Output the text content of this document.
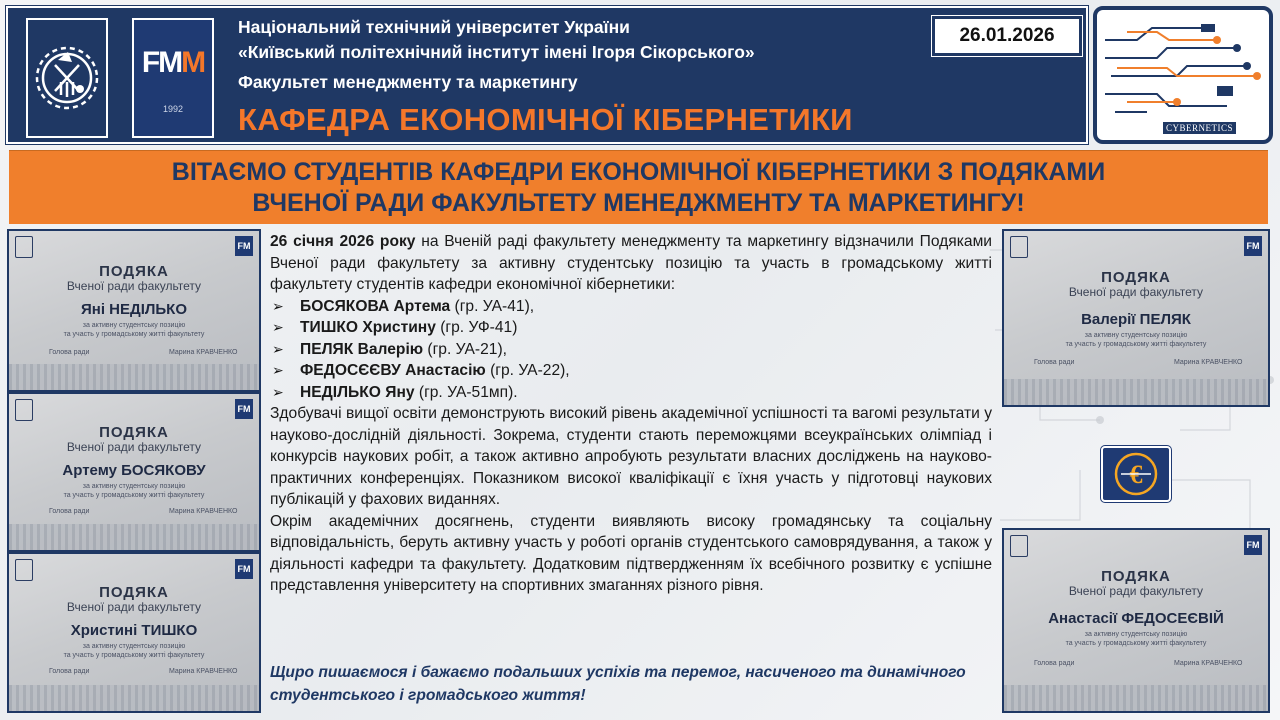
FMM
1992
Національний технічний університет України
«Київський політехнічний інститут імені Ігоря Сікорського»
Факультет менеджменту та маркетингу
КАФЕДРА ЕКОНОМІЧНОЇ КІБЕРНЕТИКИ
26.01.2026
CYBERNETICS
ВІТАЄМО СТУДЕНТІВ КАФЕДРИ ЕКОНОМІЧНОЇ КІБЕРНЕТИКИ З ПОДЯКАМИ
ВЧЕНОЇ РАДИ ФАКУЛЬТЕТУ МЕНЕДЖМЕНТУ ТА МАРКЕТИНГУ!
FM
ПОДЯКА
Вченої ради факультету
Яні НЕДІЛЬКО
за активну студентську позицію
та участь у громадському житті факультету
Голова ради	Марина КРАВЧЕНКО
FM
ПОДЯКА
Вченої ради факультету
Артему БОСЯКОВУ
за активну студентську позицію
та участь у громадському житті факультету
Голова ради	Марина КРАВЧЕНКО
FM
ПОДЯКА
Вченої ради факультету
Христині ТИШКО
за активну студентську позицію
та участь у громадському житті факультету
Голова ради	Марина КРАВЧЕНКО
FM
ПОДЯКА
Вченої ради факультету
Валерії ПЕЛЯК
за активну студентську позицію
та участь у громадському житті факультету
Голова ради	Марина КРАВЧЕНКО
FM
ПОДЯКА
Вченої ради факультету
Анастасії ФЕДОСЕЄВІЙ
за активну студентську позицію
та участь у громадському житті факультету
Голова ради	Марина КРАВЧЕНКО
€

26 січня 2026 року на Вченій раді факультету менеджменту та маркетингу відзначили Подяками Вченої ради факультету за активну студентську позицію та участь в громадському житті факультету студентів кафедри економічної кібернетики:

➢ БОСЯКОВА Артема (гр. УА-41),
➢ ТИШКО Христину (гр. УФ-41)
➢ ПЕЛЯК Валерію (гр. УА-21),
➢ ФЕДОСЄЄВУ Анастасію (гр. УА-22),
➢ НЕДІЛЬКО Яну (гр. УА-51мп).

Здобувачі вищої освіти демонструють високий рівень академічної успішності та вагомі результати у науково-дослідній діяльності. Зокрема, студенти стають переможцями всеукраїнських олімпіад і конкурсів наукових робіт, а також активно апробують результати власних досліджень на науково-практичних конференціях. Показником високої кваліфікації є їхня участь у підготовці наукових публікацій у фахових виданнях.

Окрім академічних досягнень, студенти виявляють високу громадянську та соціальну відповідальність, беруть активну участь у роботі органів студентського самоврядування, а також у діяльності кафедри та факультету. Додатковим підтвердженням їх всебічного розвитку є успішне представлення університету на спортивних змаганнях різного рівня.

Щиро пишаємося і бажаємо подальших успіхів та перемог, насиченого та динамічного студентського і громадського життя!
